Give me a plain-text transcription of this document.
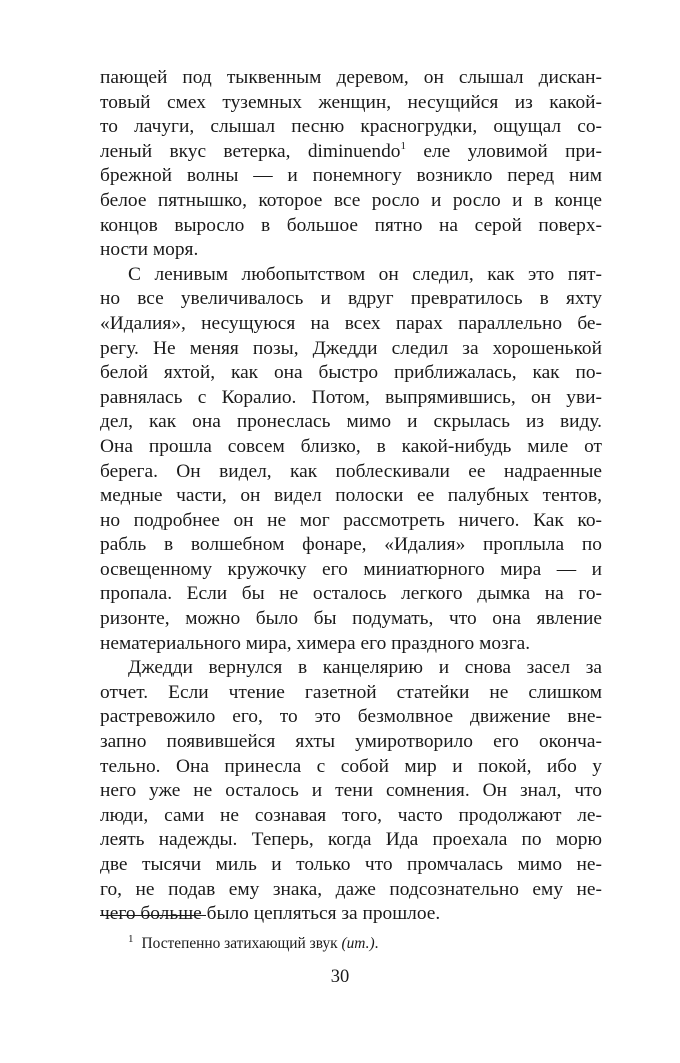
пающей под тыквенным деревом, он слышал дискан-
товый смех туземных женщин, несущийся из какой-
то лачуги, слышал песню красногрудки, ощущал со-
леный вкус ветерка, diminuendo$^1$ еле уловимой при-
брежной волны — и понемногу возникло перед ним
белое пятнышко, которое все росло и росло и в конце
концов выросло в большое пятно на серой поверх-
ности моря.
С ленивым любопытством он следил, как это пят-
но все увеличивалось и вдруг превратилось в яхту
«Идалия», несущуюся на всех парах параллельно бе-
регу. Не меняя позы, Джедди следил за хорошенькой
белой яхтой, как она быстро приближалась, как по-
равнялась с Коралио. Потом, выпрямившись, он уви-
дел, как она пронеслась мимо и скрылась из виду.
Она прошла совсем близко, в какой-нибудь миле от
берега. Он видел, как поблескивали ее надраенные
медные части, он видел полоски ее палубных тентов,
но подробнее он не мог рассмотреть ничего. Как ко-
рабль в волшебном фонаре, «Идалия» проплыла по
освещенному кружочку его миниатюрного мира — и
пропала. Если бы не осталось легкого дымка на го-
ризонте, можно было бы подумать, что она явление
нематериального мира, химера его праздного мозга.
Джедди вернулся в канцелярию и снова засел за
отчет. Если чтение газетной статейки не слишком
растревожило его, то это безмолвное движение вне-
запно появившейся яхты умиротворило его оконча-
тельно. Она принесла с собой мир и покой, ибо у
него уже не осталось и тени сомнения. Он знал, что
люди, сами не сознавая того, часто продолжают ле-
леять надежды. Теперь, когда Ида проехала по морю
две тысячи миль и только что промчалась мимо не-
го, не подав ему знака, даже подсознательно ему не-
чего больше было цепляться за прошлое.
$^1$ Постепенно затихающий звук (ит.).
30
